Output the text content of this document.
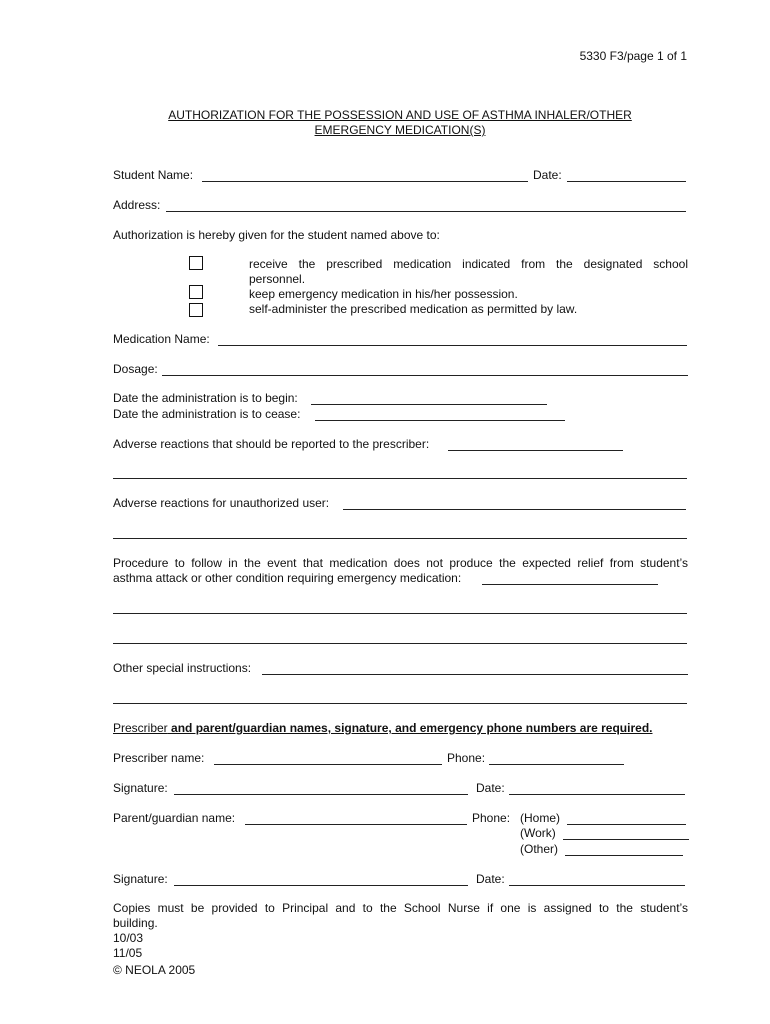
5330 F3/page 1 of 1
AUTHORIZATION FOR THE POSSESSION AND USE OF ASTHMA INHALER/OTHER
EMERGENCY MEDICATION(S)
Student Name:	Date:
Address:
Authorization is hereby given for the student named above to:
receive the prescribed medication indicated from the designated school
personnel.
keep emergency medication in his/her possession.
self-administer the prescribed medication as permitted by law.
Medication Name:
Dosage:
Date the administration is to begin:
Date the administration is to cease:
Adverse reactions that should be reported to the prescriber:
Adverse reactions for unauthorized user:
Procedure to follow in the event that medication does not produce the expected relief from student’s
asthma attack or other condition requiring emergency medication:
Other special instructions:
Prescriber and parent/guardian names, signature, and emergency phone numbers are required.
Prescriber name:	Phone:
Signature:	Date:
Parent/guardian name:	Phone: (Home)
(Work)
(Other)
Signature:	Date:
Copies must be provided to Principal and to the School Nurse if one is assigned to the student’s
building.
10/03
11/05
© NEOLA 2005
